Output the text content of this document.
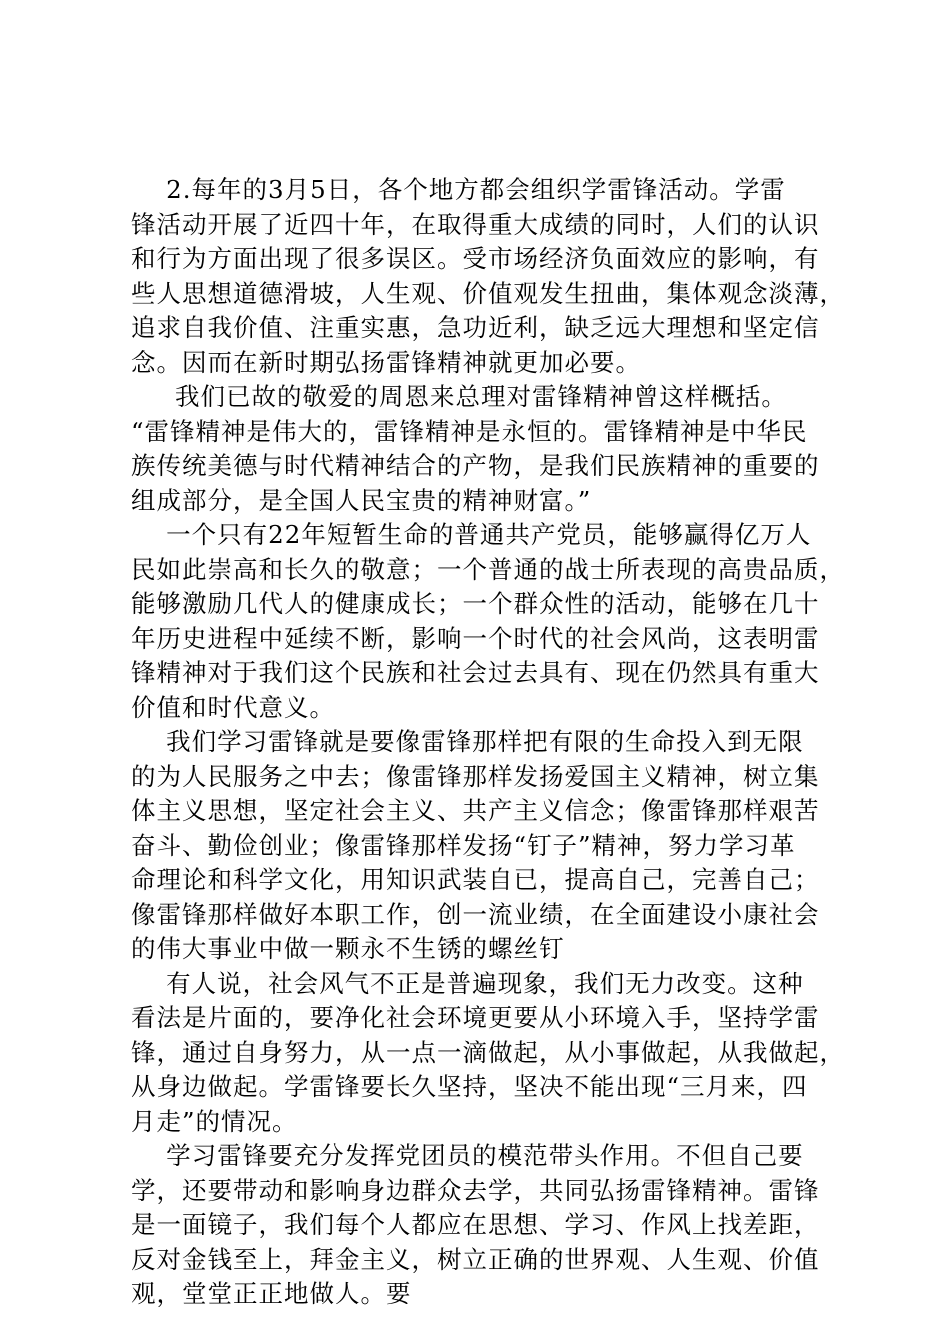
2.每年的3月5日，各个地方都会组织学雷锋活动。学雷
锋活动开展了近四十年，在取得重大成绩的同时，人们的认识
和行为方面出现了很多误区。受市场经济负面效应的影响，有
些人思想道德滑坡，人生观、价值观发生扭曲，集体观念淡薄，
追求自我价值、注重实惠，急功近利，缺乏远大理想和坚定信
念。因而在新时期弘扬雷锋精神就更加必要。
我们已故的敬爱的周恩来总理对雷锋精神曾这样概括。
“雷锋精神是伟大的，雷锋精神是永恒的。雷锋精神是中华民
族传统美德与时代精神结合的产物，是我们民族精神的重要的
组成部分，是全国人民宝贵的精神财富。”
一个只有22年短暂生命的普通共产党员，能够赢得亿万人
民如此崇高和长久的敬意；一个普通的战士所表现的高贵品质，
能够激励几代人的健康成长；一个群众性的活动，能够在几十
年历史进程中延续不断，影响一个时代的社会风尚，这表明雷
锋精神对于我们这个民族和社会过去具有、现在仍然具有重大
价值和时代意义。
我们学习雷锋就是要像雷锋那样把有限的生命投入到无限
的为人民服务之中去；像雷锋那样发扬爱国主义精神，树立集
体主义思想，坚定社会主义、共产主义信念；像雷锋那样艰苦
奋斗、勤俭创业；像雷锋那样发扬“钉子”精神，努力学习革
命理论和科学文化，用知识武装自已，提高自己，完善自己；
像雷锋那样做好本职工作，创一流业绩，在全面建设小康社会
的伟大事业中做一颗永不生锈的螺丝钉
有人说，社会风气不正是普遍现象，我们无力改变。这种
看法是片面的，要净化社会环境更要从小环境入手，坚持学雷
锋，通过自身努力，从一点一滴做起，从小事做起，从我做起，
从身边做起。学雷锋要长久坚持，坚决不能出现“三月来，四
月走”的情况。
学习雷锋要充分发挥党团员的模范带头作用。不但自己要
学，还要带动和影响身边群众去学，共同弘扬雷锋精神。雷锋
是一面镜子，我们每个人都应在思想、学习、作风上找差距，
反对金钱至上，拜金主义，树立正确的世界观、人生观、价值
观，堂堂正正地做人。要
